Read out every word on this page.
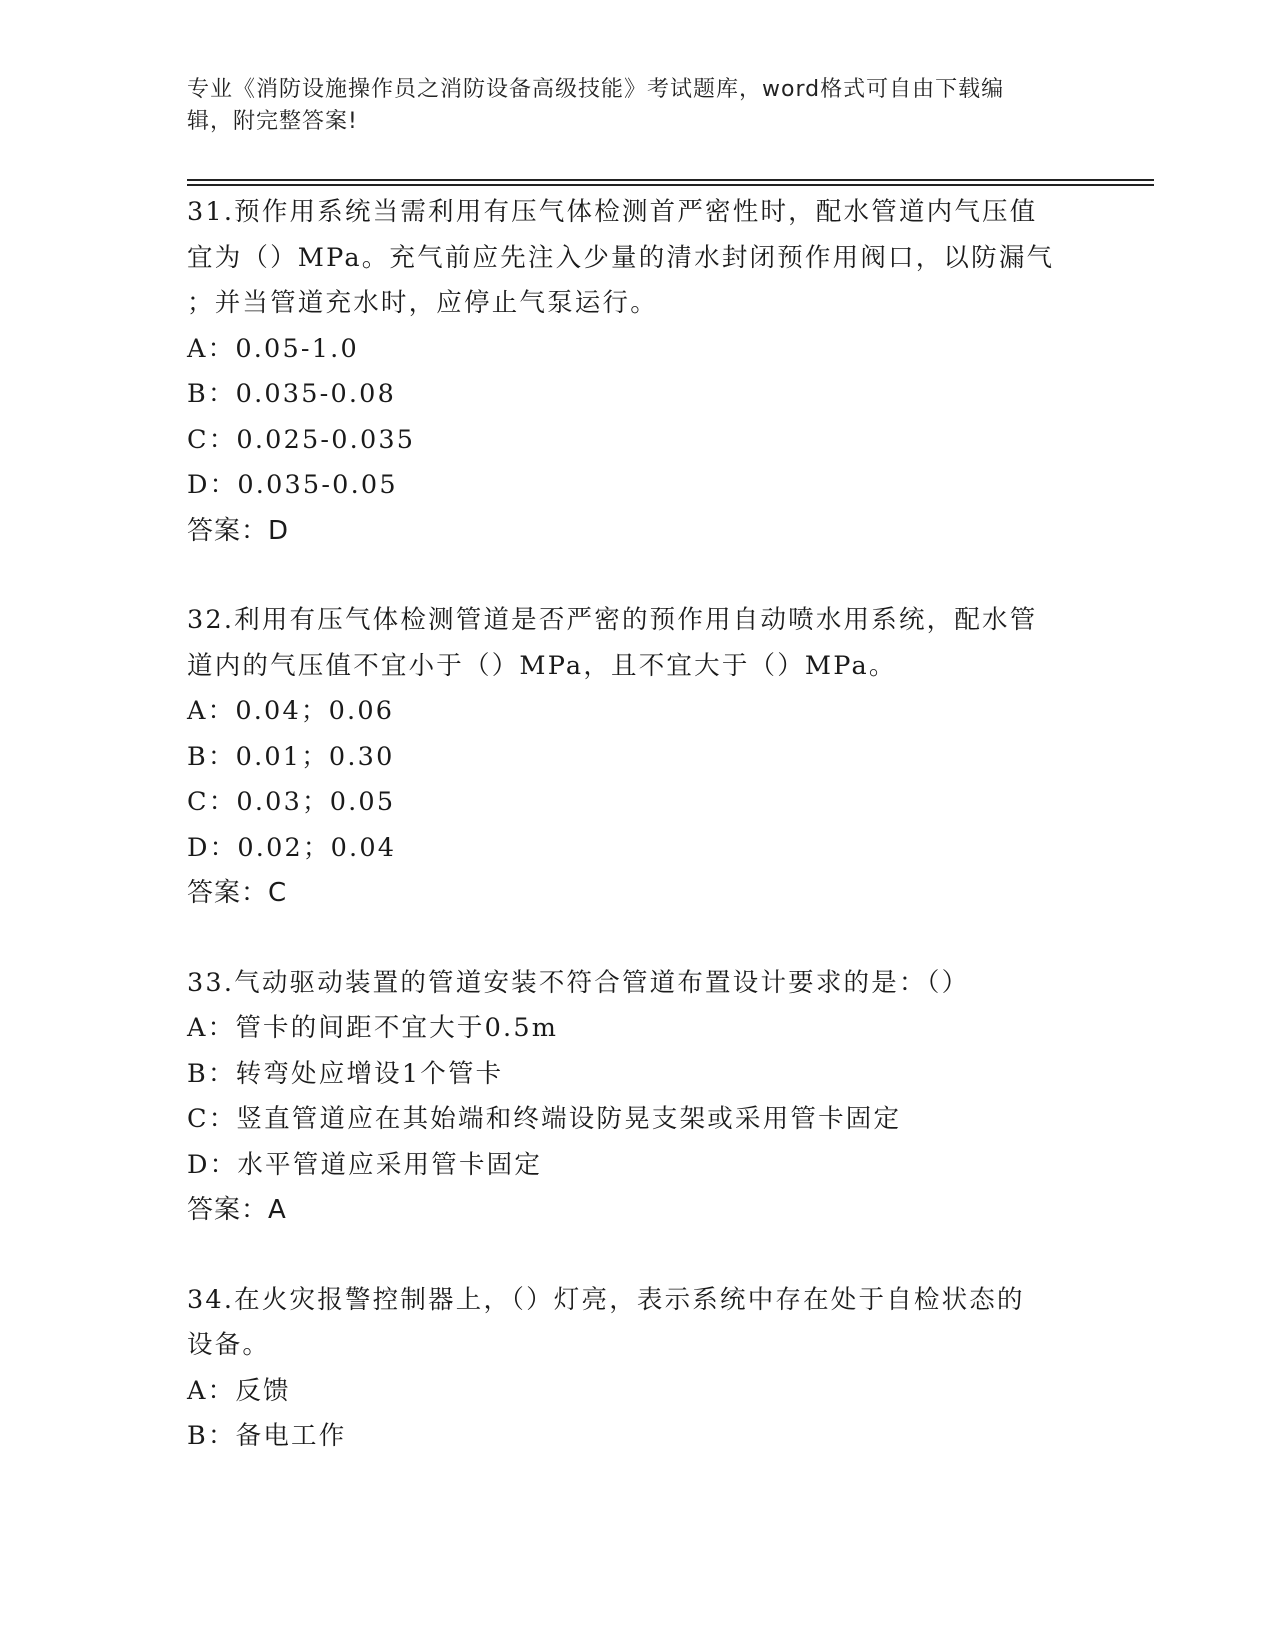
专业《消防设施操作员之消防设备高级技能》考试题库，word格式可自由下载编
辑，附完整答案!

31.预作用系统当需利用有压气体检测首严密性时，配水管道内气压值

宜为（）MPa。充气前应先注入少量的清水封闭预作用阀口，以防漏气

；并当管道充水时，应停止气泵运行。

A：0.05-1.0

B：0.035-0.08

C：0.025-0.035

D：0.035-0.05

答案：D

32.利用有压气体检测管道是否严密的预作用自动喷水用系统，配水管

道内的气压值不宜小于（）MPa，且不宜大于（）MPa。

A：0.04；0.06

B：0.01；0.30

C：0.03；0.05

D：0.02；0.04

答案：C

33.气动驱动装置的管道安装不符合管道布置设计要求的是：（）

A：管卡的间距不宜大于0.5m

B：转弯处应增设1个管卡

C：竖直管道应在其始端和终端设防晃支架或采用管卡固定

D：水平管道应采用管卡固定

答案：A

34.在火灾报警控制器上，（）灯亮，表示系统中存在处于自检状态的

设备。

A：反馈

B：备电工作
